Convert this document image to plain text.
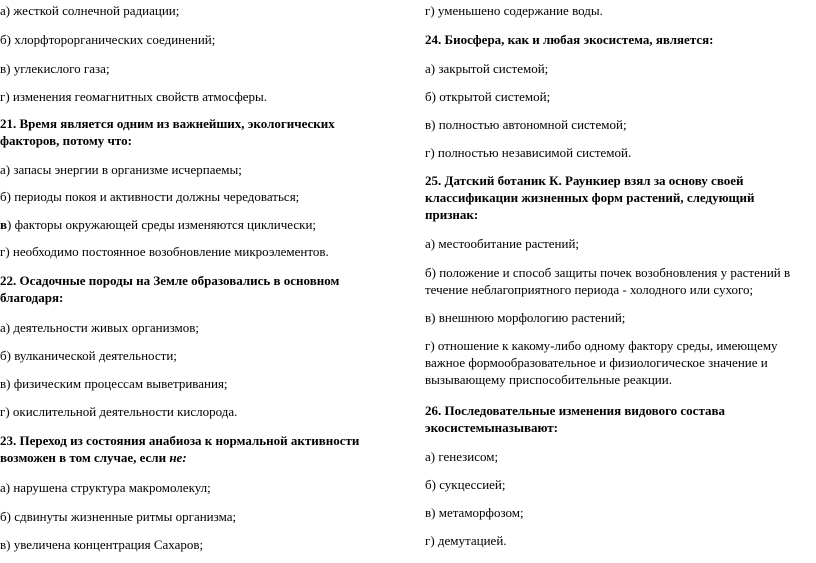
а) жесткой солнечной радиации;
б) хлорфторорганических соединений;
в) углекислого газа;
г) изменения геомагнитных свойств атмосферы.
21. Время является одним из важнейших, экологических факторов, потому что:
а) запасы энергии в организме исчерпаемы;
б) периоды покоя и активности должны чередоваться;
в) факторы окружающей среды изменяются циклически;
г) необходимо постоянное возобновление микроэлементов.
22. Осадочные породы на Земле образовались в основном благодаря:
а) деятельности живых организмов;
б) вулканической деятельности;
в) физическим процессам выветривания;
г) окислительной деятельности кислорода.
23. Переход из состояния анабиоза к нормальной активности возможен в том случае, если не:
а) нарушена структура макромолекул;
б) сдвинуты жизненные ритмы организма;
в) увеличена концентрация Сахаров;
г) уменьшено содержание воды.
24. Биосфера, как и любая экосистема, является:
а) закрытой системой;
б) открытой системой;
в) полностью автономной системой;
г) полностью независимой системой.
25. Датский ботаник К. Раункиер взял за основу своей классификации жизненных форм растений, следующий признак:
а) местообитание растений;
б) положение и способ защиты почек возобновления у растений в течение неблагоприятного периода - холодного или сухого;
в) внешнюю морфологию растений;
г) отношение к какому-либо одному фактору среды, имеющему важное формообразовательное и физиологическое значение и вызывающему приспособительные реакции.
26. Последовательные изменения видового состава экосистемыназывают:
а) генезисом;
б) сукцессией;
в) метаморфозом;
г) демутацией.
